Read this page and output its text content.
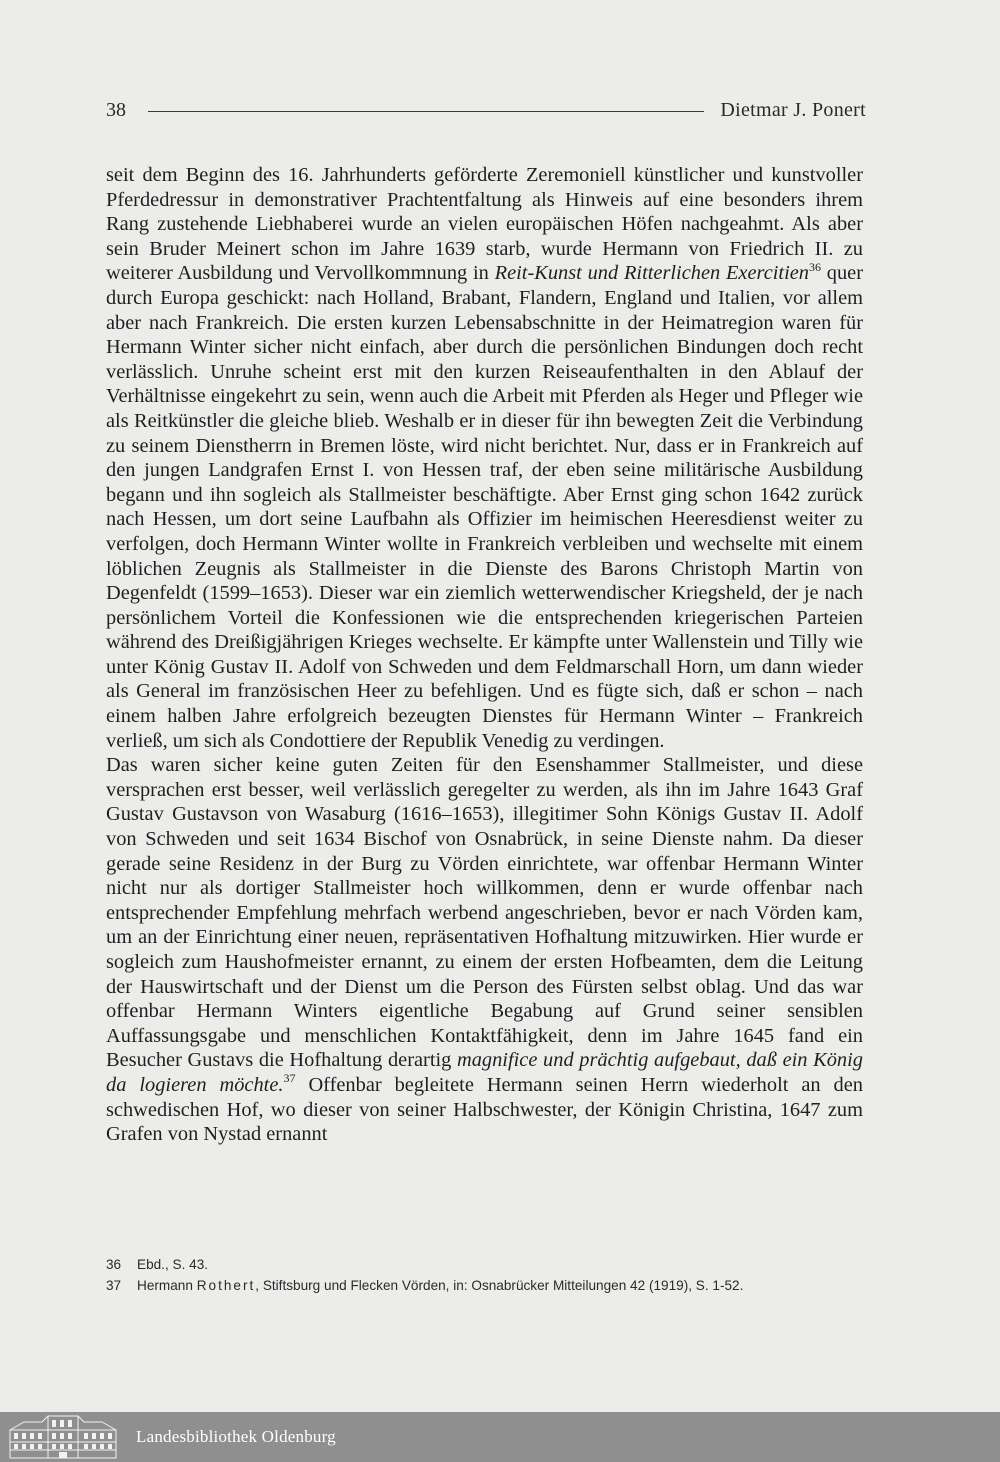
38	Dietmar J. Ponert

seit dem Beginn des 16. Jahrhunderts geförderte Zeremoniell künstlicher und kunstvoller Pferdedressur in demonstrativer Prachtentfaltung als Hinweis auf eine besonders ihrem Rang zustehende Liebhaberei wurde an vielen europäischen Höfen nachgeahmt. Als aber sein Bruder Meinert schon im Jahre 1639 starb, wurde Hermann von Friedrich II. zu weiterer Ausbildung und Vervollkommnung in Reit-Kunst und Ritterlichen Exercitien$^{36}$ quer durch Europa geschickt: nach Holland, Brabant, Flandern, England und Italien, vor allem aber nach Frankreich. Die ersten kurzen Lebensabschnitte in der Heimatregion waren für Hermann Winter sicher nicht einfach, aber durch die persönlichen Bindungen doch recht verlässlich. Unruhe scheint erst mit den kurzen Reiseaufenthalten in den Ablauf der Verhältnisse eingekehrt zu sein, wenn auch die Arbeit mit Pferden als Heger und Pfleger wie als Reitkünstler die gleiche blieb. Weshalb er in dieser für ihn bewegten Zeit die Verbindung zu seinem Dienstherrn in Bremen löste, wird nicht berichtet. Nur, dass er in Frankreich auf den jungen Landgrafen Ernst I. von Hessen traf, der eben seine militärische Ausbildung begann und ihn sogleich als Stallmeister beschäftigte. Aber Ernst ging schon 1642 zurück nach Hessen, um dort seine Laufbahn als Offizier im heimischen Heeresdienst weiter zu verfolgen, doch Hermann Winter wollte in Frankreich verbleiben und wechselte mit einem löblichen Zeugnis als Stallmeister in die Dienste des Barons Christoph Martin von Degenfeldt (1599–1653). Dieser war ein ziemlich wetterwendischer Kriegsheld, der je nach persönlichem Vorteil die Konfessionen wie die entsprechenden kriegerischen Parteien während des Dreißigjährigen Krieges wechselte. Er kämpfte unter Wallenstein und Tilly wie unter König Gustav II. Adolf von Schweden und dem Feldmarschall Horn, um dann wieder als General im französischen Heer zu befehligen. Und es fügte sich, daß er schon – nach einem halben Jahre erfolgreich bezeugten Dienstes für Hermann Winter – Frankreich verließ, um sich als Condottiere der Republik Venedig zu verdingen.

Das waren sicher keine guten Zeiten für den Esenshammer Stallmeister, und diese versprachen erst besser, weil verlässlich geregelter zu werden, als ihn im Jahre 1643 Graf Gustav Gustavson von Wasaburg (1616–1653), illegitimer Sohn Königs Gustav II. Adolf von Schweden und seit 1634 Bischof von Osnabrück, in seine Dienste nahm. Da dieser gerade seine Residenz in der Burg zu Vörden einrichtete, war offenbar Hermann Winter nicht nur als dortiger Stallmeister hoch willkommen, denn er wurde offenbar nach entsprechender Empfehlung mehrfach werbend angeschrieben, bevor er nach Vörden kam, um an der Einrichtung einer neuen, repräsentativen Hofhaltung mitzuwirken. Hier wurde er sogleich zum Haushofmeister ernannt, zu einem der ersten Hofbeamten, dem die Leitung der Hauswirtschaft und der Dienst um die Person des Fürsten selbst oblag. Und das war offenbar Hermann Winters eigentliche Begabung auf Grund seiner sensiblen Auffassungsgabe und menschlichen Kontaktfähigkeit, denn im Jahre 1645 fand ein Besucher Gustavs die Hofhaltung derartig magnifice und prächtig aufgebaut, daß ein König da logieren möchte.$^{37}$ Offenbar begleitete Hermann seinen Herrn wiederholt an den schwedischen Hof, wo dieser von seiner Halbschwester, der Königin Christina, 1647 zum Grafen von Nystad ernannt

36	Ebd., S. 43.
37	Hermann Rothert, Stiftsburg und Flecken Vörden, in: Osnabrücker Mitteilungen 42 (1919), S. 1-52.
Landesbibliothek Oldenburg
